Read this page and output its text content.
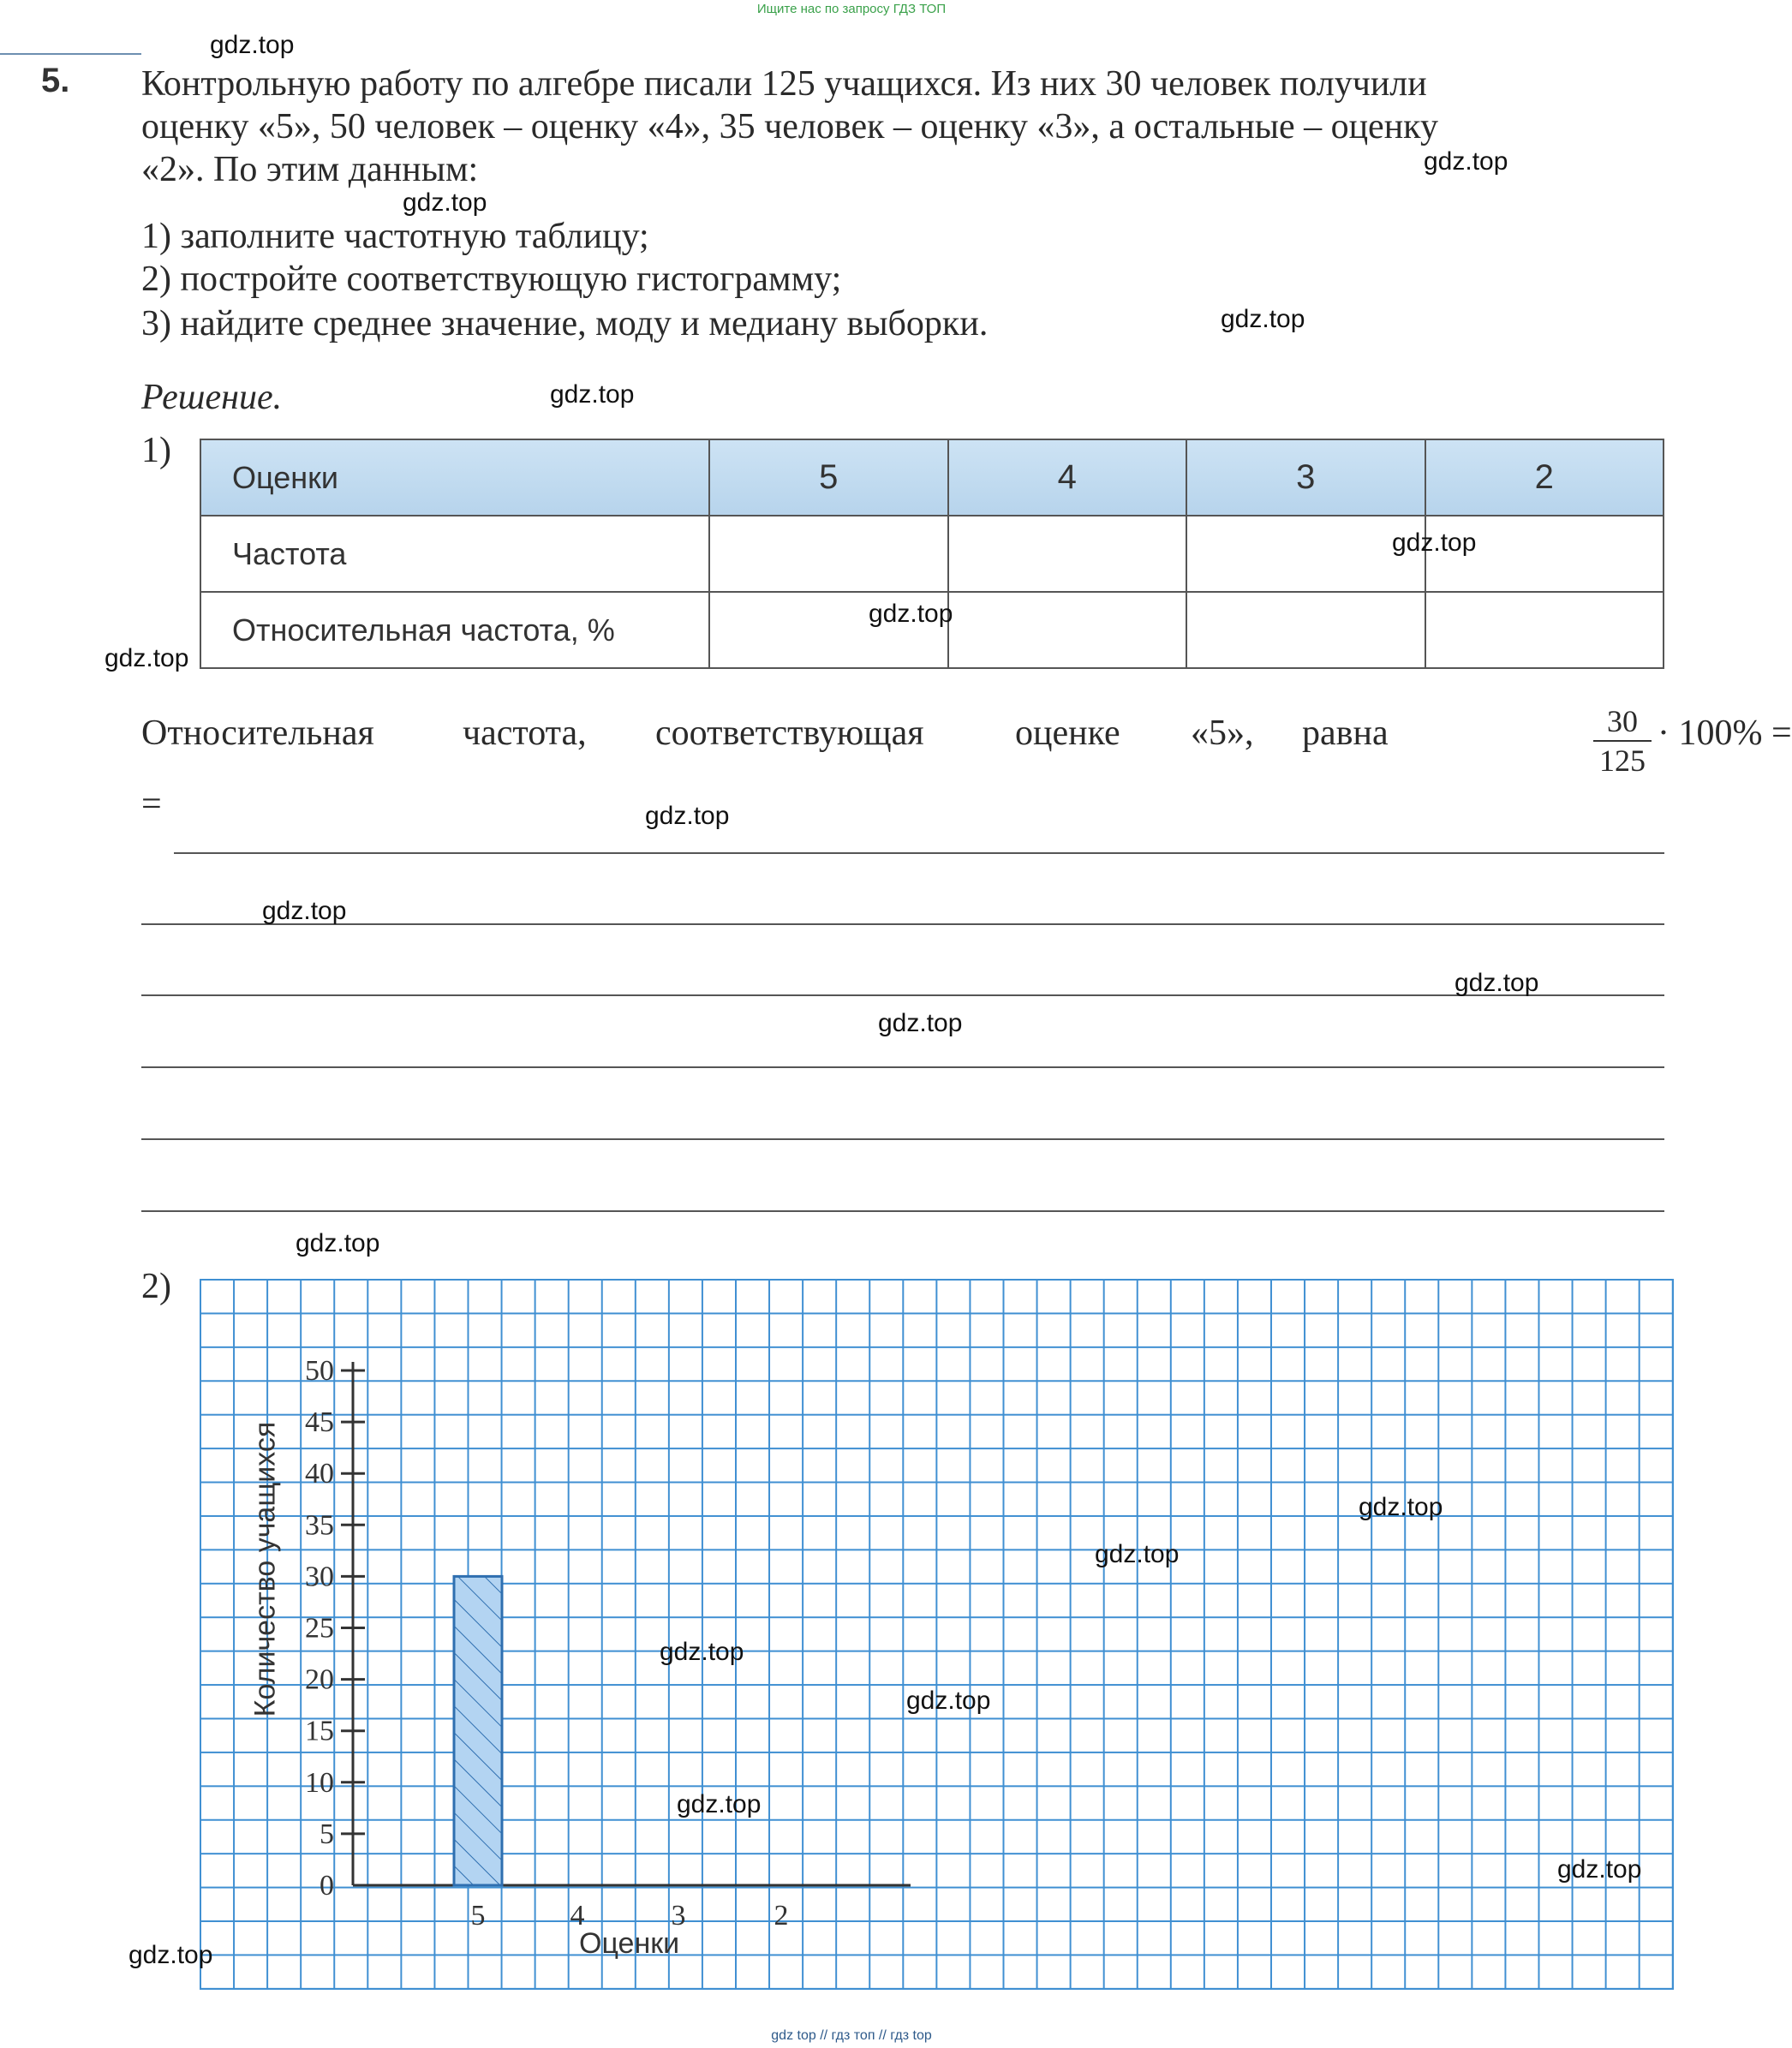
Ищите нас по запросу ГДЗ ТОП
5. Контрольную работу по алгебре писали 125 учащихся. Из них 30 человек получили
оценку «5», 50 человек – оценку «4», 35 человек – оценку «3», а остальные – оценку
«2». По этим данным:
1) заполните частотную таблицу;
2) постройте соответствующую гистограмму;
3) найдите среднее значение, моду и медиану выборки.
Решение.
1)
Оценки	5	4	3	2
Частота				
Относительная частота, %				
Относительная частота, соответствующая	оценке «5», равна	30
125
· 100% =
=
2)
0
5
10
15
20
25
30
35
40
45
50
5	4	3	2
Количество учащихся
Оценки
gdz.top
gdz.top
gdz.top
gdz.top
gdz.top
gdz.top
gdz.top
gdz.top
gdz.top
gdz.top
gdz.top
gdz.top
gdz.top
gdz.top
gdz.top
gdz.top
gdz.top
gdz.top
gdz.top
gdz.top
gdz top // гдз топ // гдз top
